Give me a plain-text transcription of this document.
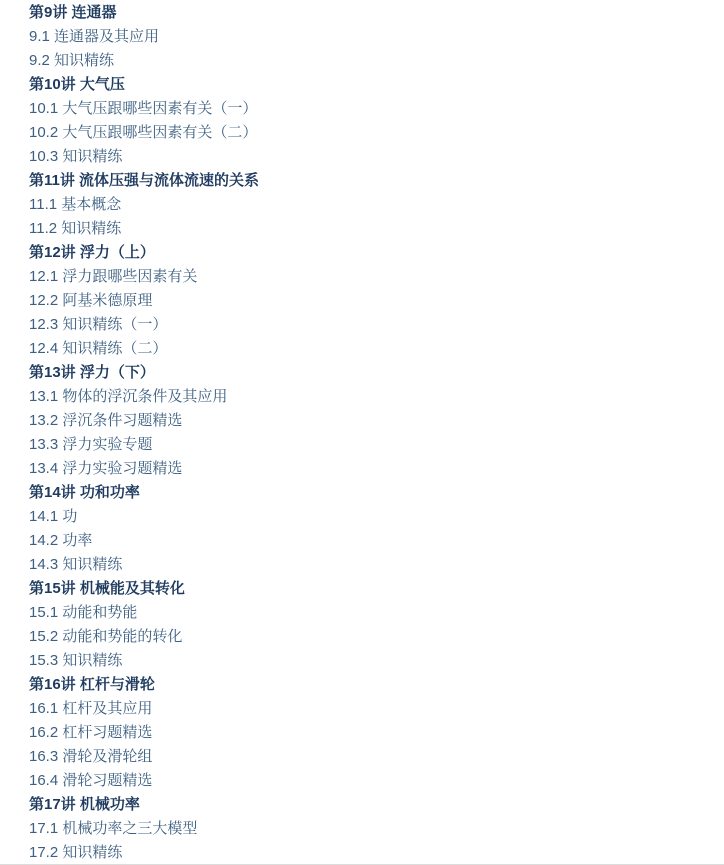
第9讲 连通器
9.1 连通器及其应用
9.2 知识精练
第10讲 大气压
10.1 大气压跟哪些因素有关（一）
10.2 大气压跟哪些因素有关（二）
10.3 知识精练
第11讲 流体压强与流体流速的关系
11.1 基本概念
11.2 知识精练
第12讲 浮力（上）
12.1 浮力跟哪些因素有关
12.2 阿基米德原理
12.3 知识精练（一）
12.4 知识精练（二）
第13讲 浮力（下）
13.1 物体的浮沉条件及其应用
13.2 浮沉条件习题精选
13.3 浮力实验专题
13.4 浮力实验习题精选
第14讲 功和功率
14.1 功
14.2 功率
14.3 知识精练
第15讲 机械能及其转化
15.1 动能和势能
15.2 动能和势能的转化
15.3 知识精练
第16讲 杠杆与滑轮
16.1 杠杆及其应用
16.2 杠杆习题精选
16.3 滑轮及滑轮组
16.4 滑轮习题精选
第17讲 机械功率
17.1 机械功率之三大模型
17.2 知识精练
